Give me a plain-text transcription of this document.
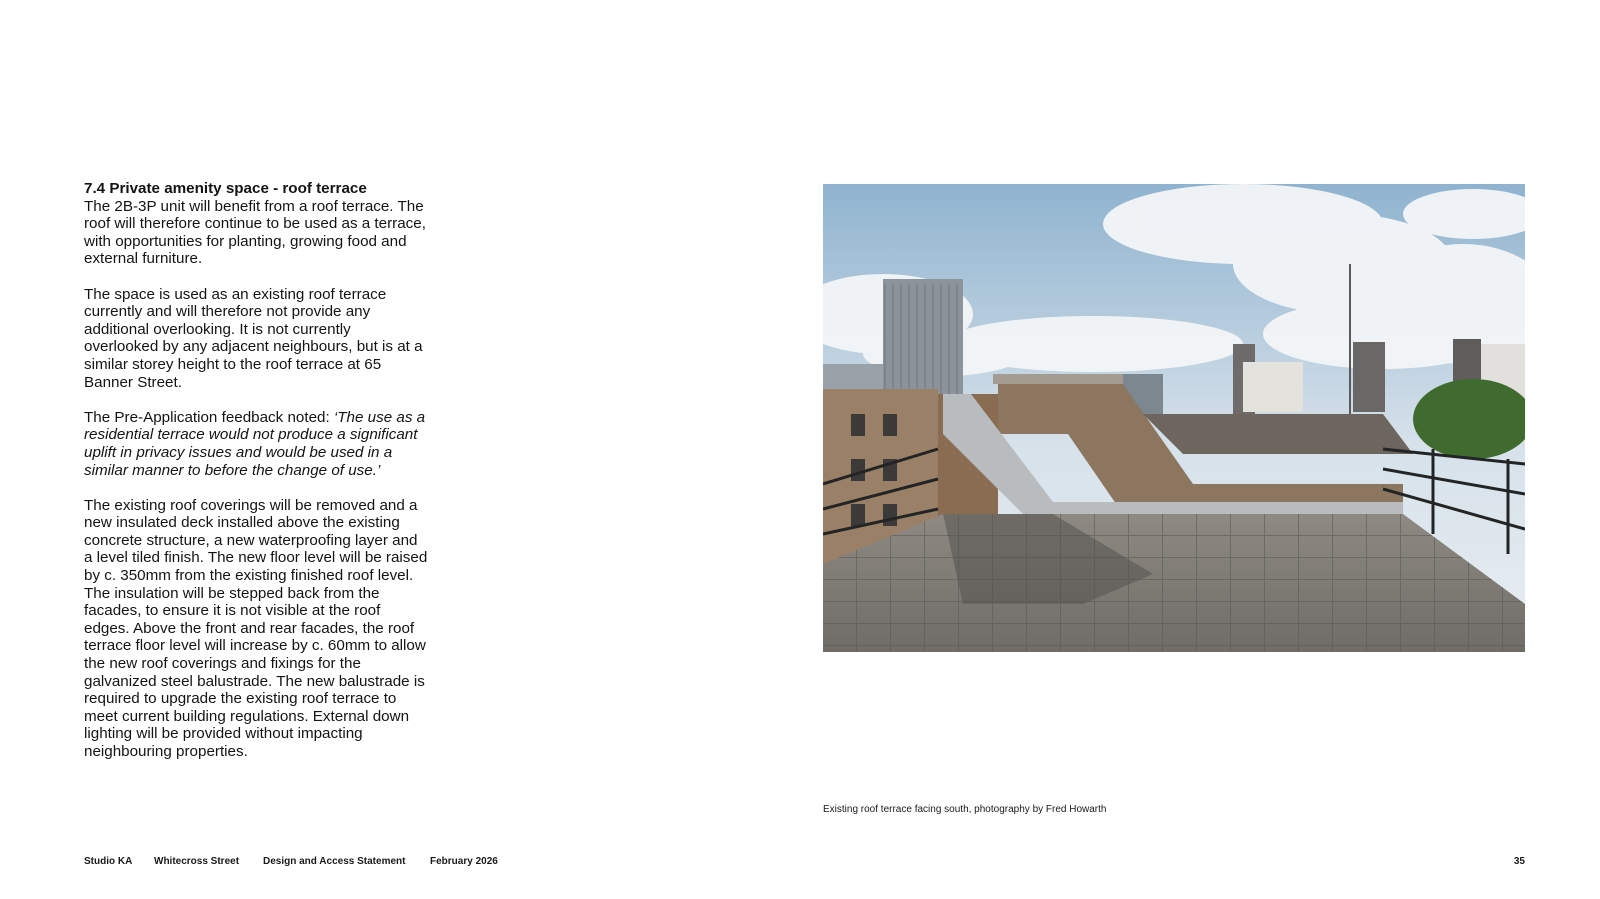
7.4 Private amenity space - roof terrace
The 2B-3P unit will benefit from a roof terrace. The roof will therefore continue to be used as a terrace, with opportunities for planting, growing food and external furniture.

The space is used as an existing roof terrace currently and will therefore not provide any additional overlooking. It is not currently overlooked by any adjacent neighbours, but is at a similar storey height to the roof terrace at 65 Banner Street.

The Pre-Application feedback noted: ‘The use as a residential terrace would not produce a significant uplift in privacy issues and would be used in a similar manner to before the change of use.’

The existing roof coverings will be removed and a new insulated deck installed above the existing concrete structure, a new waterproofing layer and a level tiled finish. The new floor level will be raised by c. 350mm from the existing finished roof level. The insulation will be stepped back from the facades, to ensure it is not visible at the roof edges. Above the front and rear facades, the roof terrace floor level will increase by c. 60mm to allow the new roof coverings and fixings for the galvanized steel balustrade. The new balustrade is required to upgrade the existing roof terrace to meet current building regulations. External down lighting will be provided without impacting neighbouring properties.

Existing roof terrace facing south, photography by Fred Howarth
Studio KA Whitecross Street Design and Access Statement February 2026	35
